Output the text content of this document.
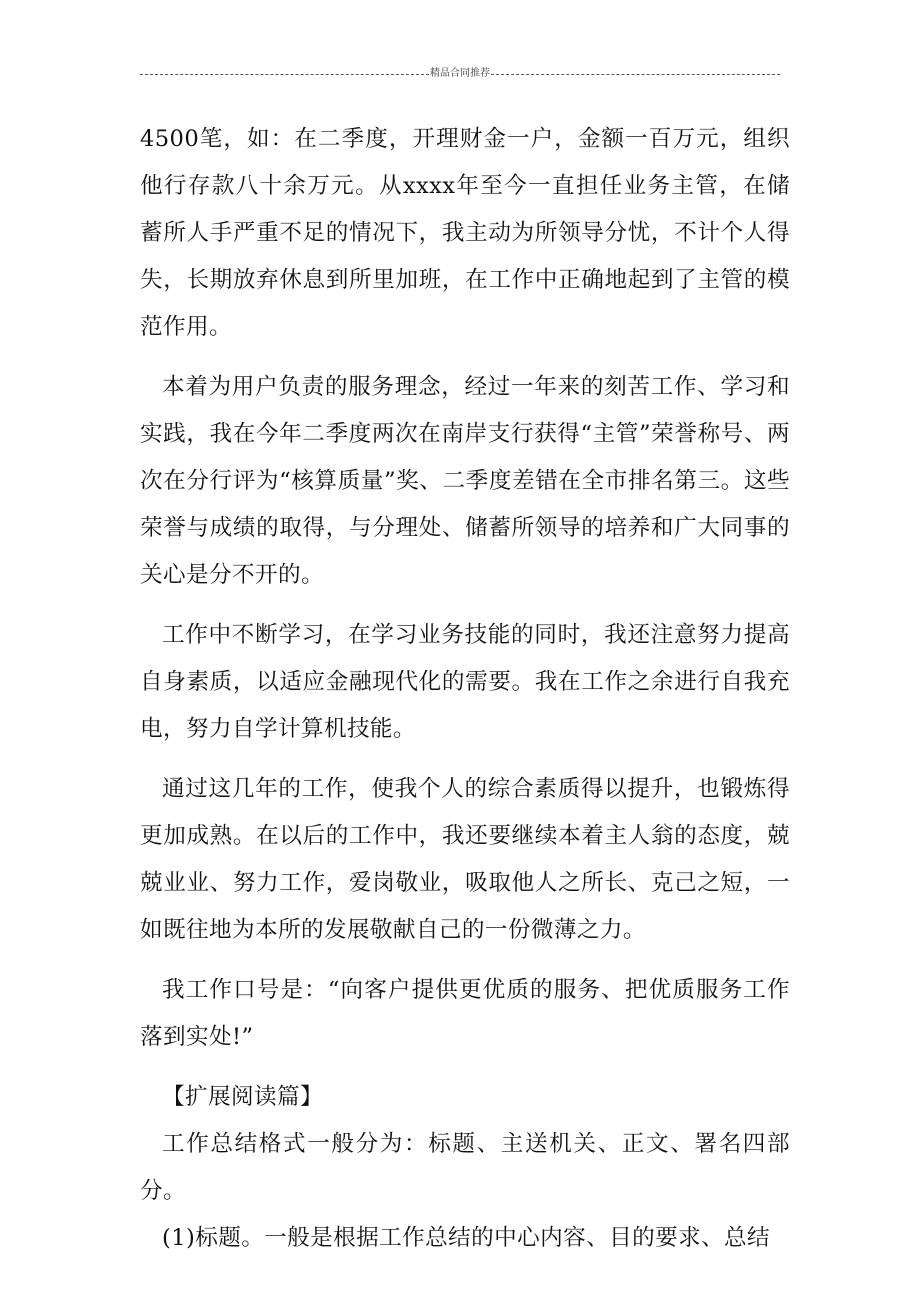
精品合同推荐

4500笔，如：在二季度，开理财金一户，金额一百万元，组织他行存款八十余万元。从xxxx年至今一直担任业务主管，在储蓄所人手严重不足的情况下，我主动为所领导分忧，不计个人得失，长期放弃休息到所里加班，在工作中正确地起到了主管的模范作用。

本着为用户负责的服务理念，经过一年来的刻苦工作、学习和实践，我在今年二季度两次在南岸支行获得“主管”荣誉称号、两次在分行评为“核算质量”奖、二季度差错在全市排名第三。这些荣誉与成绩的取得，与分理处、储蓄所领导的培养和广大同事的关心是分不开的。

工作中不断学习，在学习业务技能的同时，我还注意努力提高自身素质，以适应金融现代化的需要。我在工作之余进行自我充电，努力自学计算机技能。

通过这几年的工作，使我个人的综合素质得以提升，也锻炼得更加成熟。在以后的工作中，我还要继续本着主人翁的态度，兢兢业业、努力工作，爱岗敬业，吸取他人之所长、克己之短，一如既往地为本所的发展敬献自己的一份微薄之力。

我工作口号是：“向客户提供更优质的服务、把优质服务工作落到实处!”

【扩展阅读篇】

工作总结格式一般分为：标题、主送机关、正文、署名四部分。

(1)标题。一般是根据工作总结的中心内容、目的要求、总结
